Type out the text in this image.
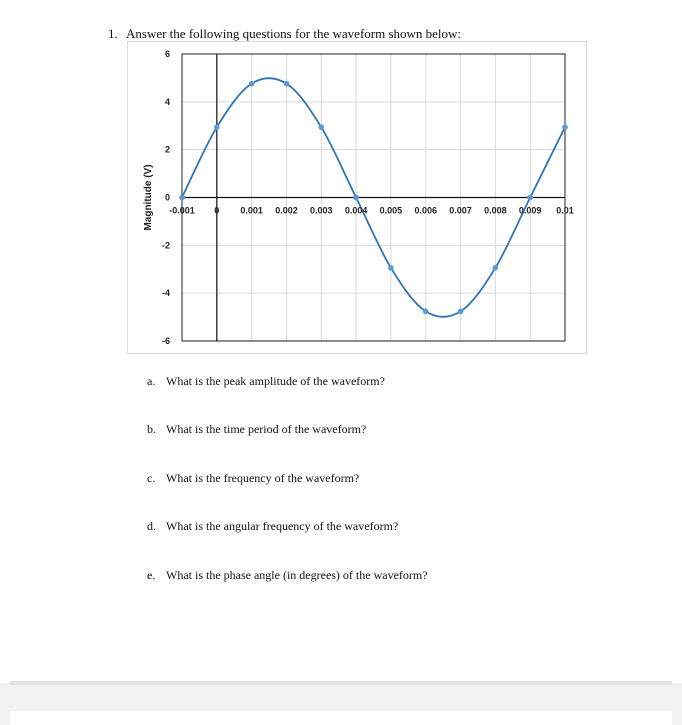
1. Answer the following questions for the waveform shown below:
6
4
2
0
-2
-4
-6
-0.001 0 0.001 0.002 0.003 0.004 0.005 0.006 0.007 0.008 0.009 0.01
Magnitude (V)
a. What is the peak amplitude of the waveform?
b. What is the time period of the waveform?
c. What is the frequency of the waveform?
d. What is the angular frequency of the waveform?
e. What is the phase angle (in degrees) of the waveform?
